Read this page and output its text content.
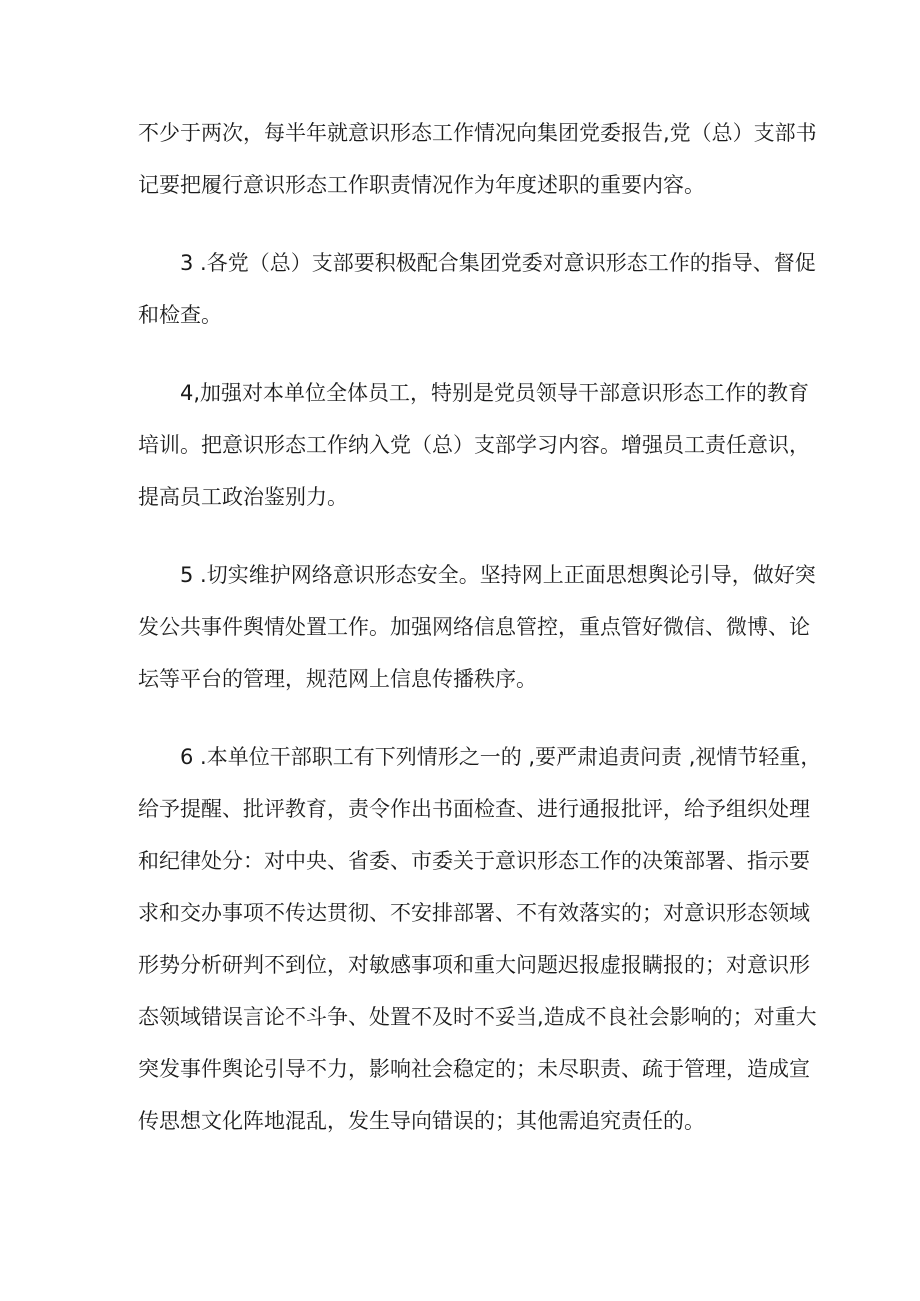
不少于两次，每半年就意识形态工作情况向集团党委报告,党（总）支部书
记要把履行意识形态工作职责情况作为年度述职的重要内容。
3 .各党（总）支部要积极配合集团党委对意识形态工作的指导、督促
和检查。
4,加强对本单位全体员工，特别是党员领导干部意识形态工作的教育
培训。把意识形态工作纳入党（总）支部学习内容。增强员工责任意识，
提高员工政治鉴别力。
5 .切实维护网络意识形态安全。坚持网上正面思想舆论引导，做好突
发公共事件舆情处置工作。加强网络信息管控，重点管好微信、微博、论
坛等平台的管理，规范网上信息传播秩序。
6 .本单位干部职工有下列情形之一的 ,要严肃追责问责 ,视情节轻重，
给予提醒、批评教育，责令作出书面检查、进行通报批评，给予组织处理
和纪律处分：对中央、省委、市委关于意识形态工作的决策部署、指示要
求和交办事项不传达贯彻、不安排部署、不有效落实的；对意识形态领域
形势分析研判不到位，对敏感事项和重大问题迟报虚报瞒报的；对意识形
态领域错误言论不斗争、处置不及时不妥当,造成不良社会影响的；对重大
突发事件舆论引导不力，影响社会稳定的；未尽职责、疏于管理，造成宣
传思想文化阵地混乱，发生导向错误的；其他需追究责任的。
